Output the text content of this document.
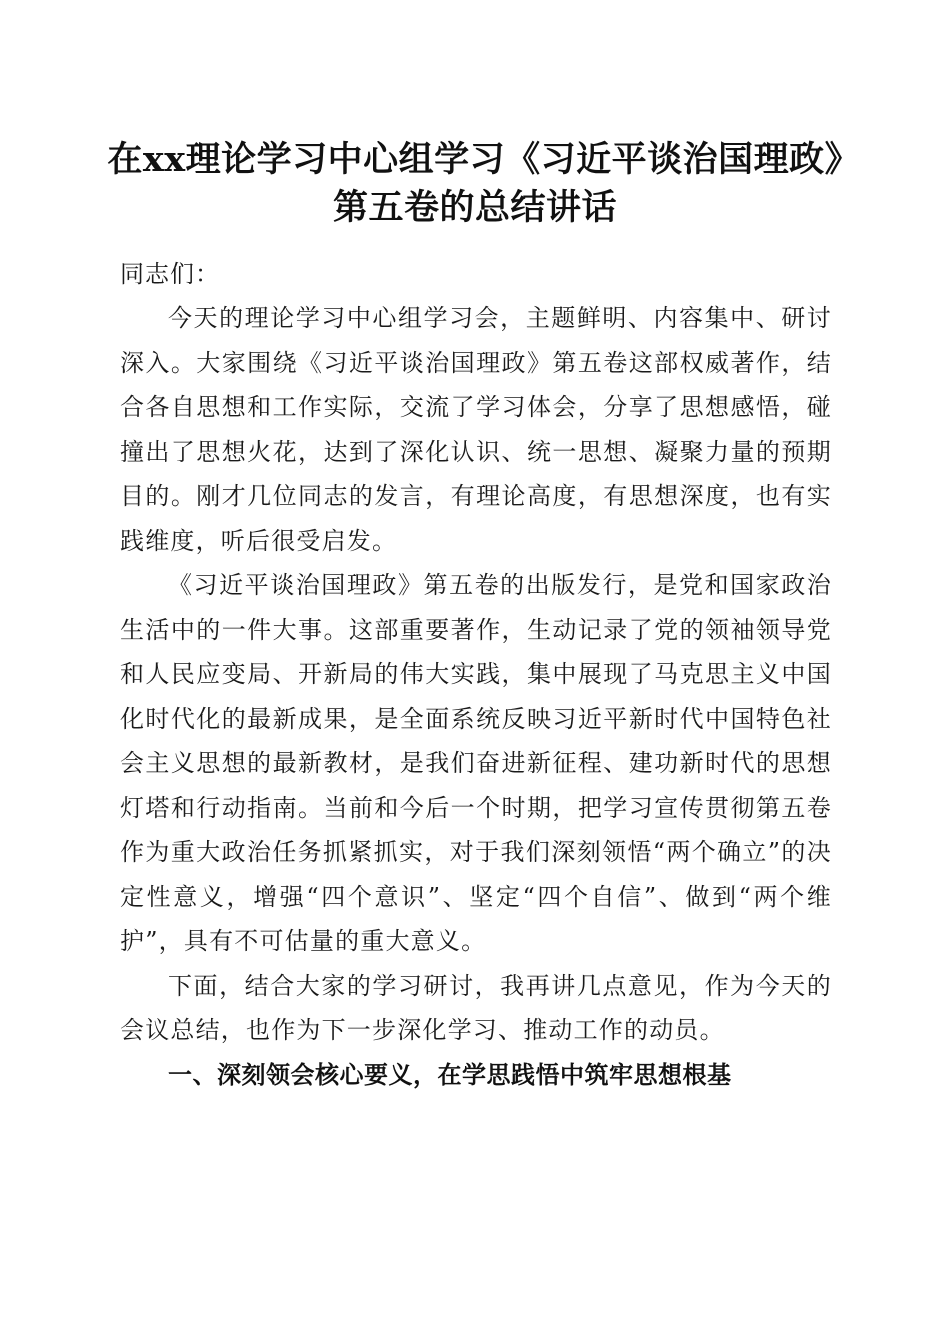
在xx理论学习中心组学习《习近平谈治国理政》第五卷的总结讲话

同志们：

今天的理论学习中心组学习会，主题鲜明、内容集中、研讨深入。大家围绕《习近平谈治国理政》第五卷这部权威著作，结合各自思想和工作实际，交流了学习体会，分享了思想感悟，碰撞出了思想火花，达到了深化认识、统一思想、凝聚力量的预期目的。刚才几位同志的发言，有理论高度，有思想深度，也有实践维度，听后很受启发。

《习近平谈治国理政》第五卷的出版发行，是党和国家政治生活中的一件大事。这部重要著作，生动记录了党的领袖领导党和人民应变局、开新局的伟大实践，集中展现了马克思主义中国化时代化的最新成果，是全面系统反映习近平新时代中国特色社会主义思想的最新教材，是我们奋进新征程、建功新时代的思想灯塔和行动指南。当前和今后一个时期，把学习宣传贯彻第五卷作为重大政治任务抓紧抓实，对于我们深刻领悟“两个确立”的决定性意义，增强“四个意识”、坚定“四个自信”、做到“两个维护”，具有不可估量的重大意义。

下面，结合大家的学习研讨，我再讲几点意见，作为今天的会议总结，也作为下一步深化学习、推动工作的动员。

一、深刻领会核心要义，在学思践悟中筑牢思想根基
